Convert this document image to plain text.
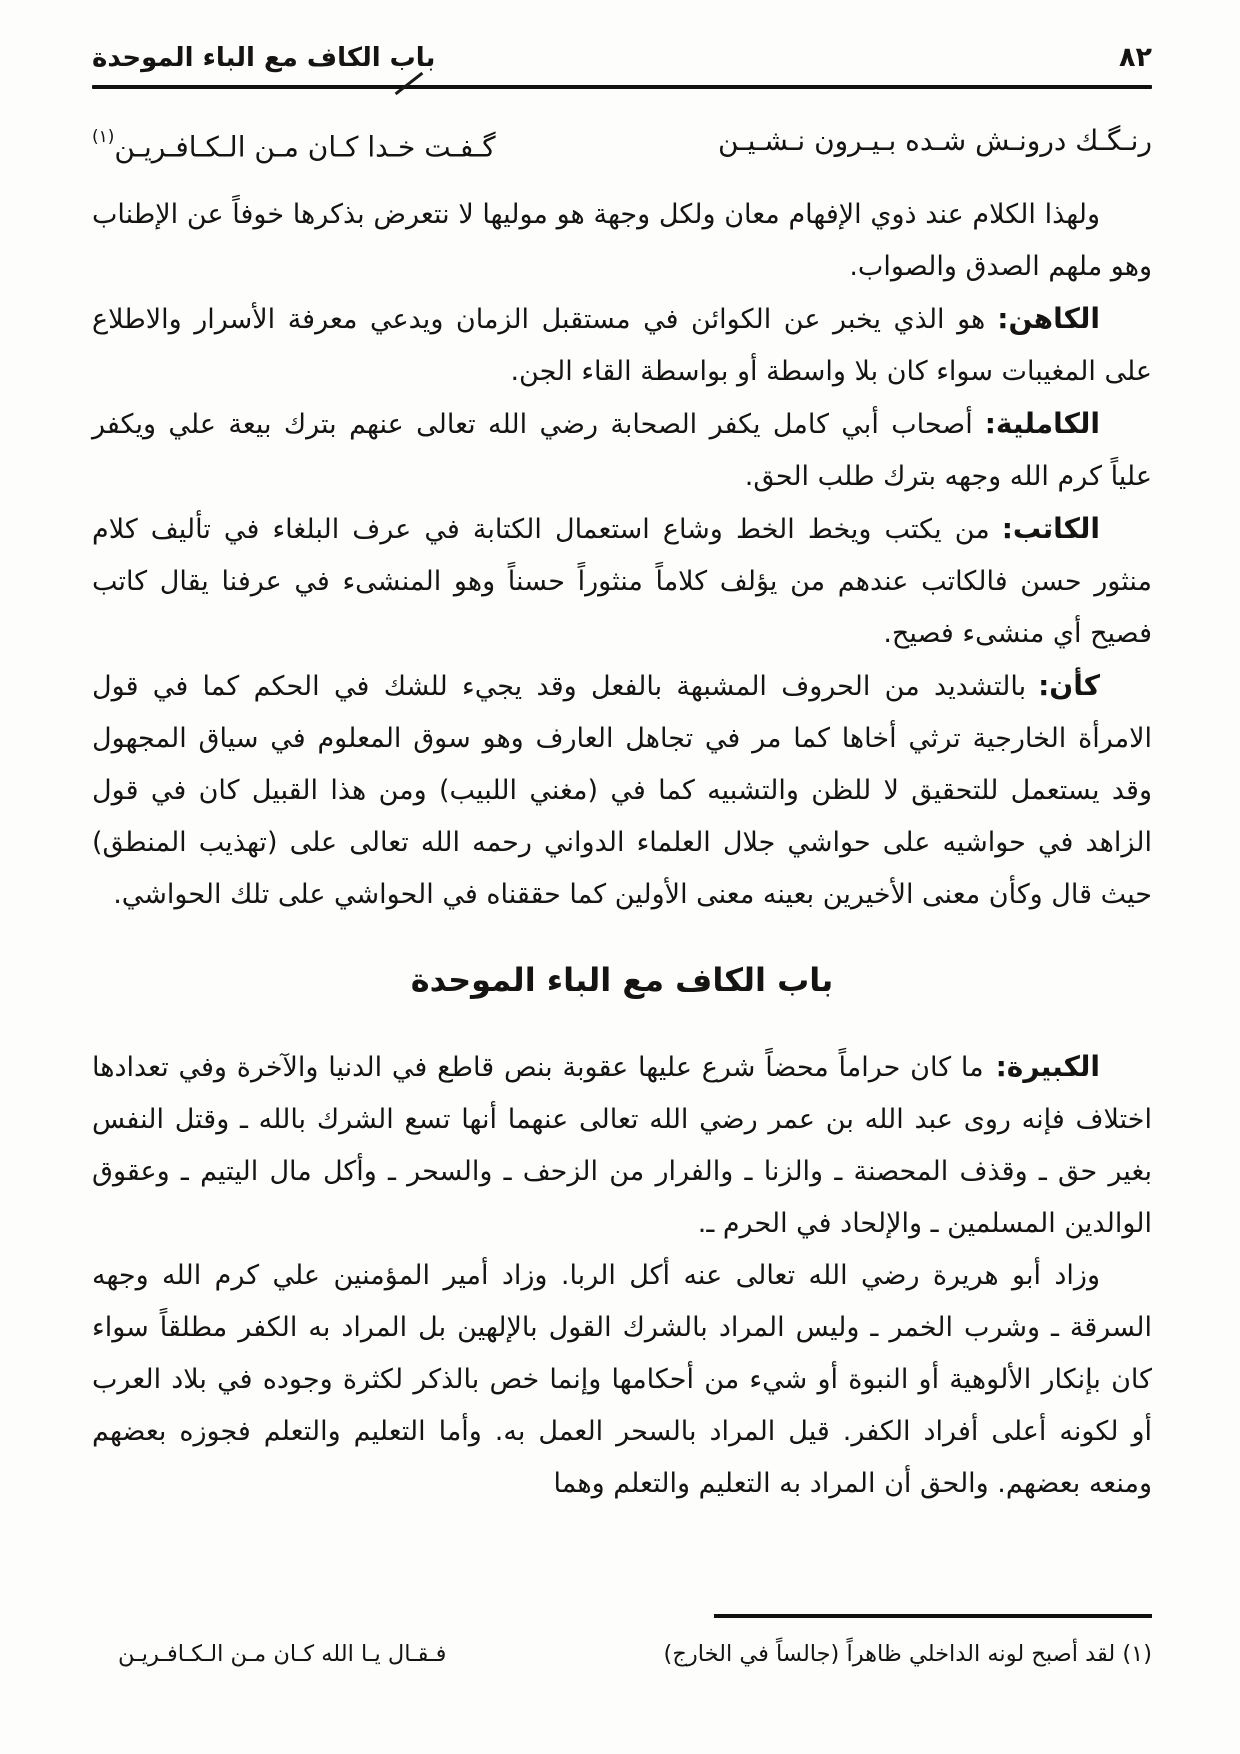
٨٢
باب الكاف مع الباء الموحدة
رنـگـك درونـش شـده بـيـرون نـشـيـن
گـفـت خـدا كـان مـن الـكـافـريـن$^{(١)}$

ولهذا الكلام عند ذوي الإفهام معان ولكل وجهة هو موليها لا نتعرض بذكرها خوفاً عن الإطناب وهو ملهم الصدق والصواب.

الكاهن:هو الذي يخبر عن الكوائن في مستقبل الزمان ويدعي معرفة الأسرار والاطلاع على المغيبات سواء كان بلا واسطة أو بواسطة القاء الجن.

الكاملية:أصحاب أبي كامل يكفر الصحابة رضي الله تعالى عنهم بترك بيعة علي ويكفر علياً كرم الله وجهه بترك طلب الحق.

الكاتب:من يكتب ويخط الخط وشاع استعمال الكتابة في عرف البلغاء في تأليف كلام منثور حسن فالكاتب عندهم من يؤلف كلاماً منثوراً حسناً وهو المنشىء في عرفنا يقال كاتب فصيح أي منشىء فصيح.

كأن:بالتشديد من الحروف المشبهة بالفعل وقد يجيء للشك في الحكم كما في قول الامرأة الخارجية ترثي أخاها كما مر في تجاهل العارف وهو سوق المعلوم في سياق المجهول وقد يستعمل للتحقيق لا للظن والتشبيه كما في (مغني اللبيب) ومن هذا القبيل كان في قول الزاهد في حواشيه على حواشي جلال العلماء الدواني رحمه الله تعالى على (تهذيب المنطق) حيث قال وكأن معنى الأخيرين بعينه معنى الأولين كما حققناه في الحواشي على تلك الحواشي.

باب الكاف مع الباء الموحدة

الكبيرة:ما كان حراماً محضاً شرع عليها عقوبة بنص قاطع في الدنيا والآخرة وفي تعدادها اختلاف فإنه روى عبد الله بن عمر رضي الله تعالى عنهما أنها تسع الشرك بالله ـ وقتل النفس بغير حق ـ وقذف المحصنة ـ والزنا ـ والفرار من الزحف ـ والسحر ـ وأكل مال اليتيم ـ وعقوق الوالدين المسلمين ـ والإلحاد في الحرم ـ.

وزاد أبو هريرة رضي الله تعالى عنه أكل الربا. وزاد أمير المؤمنين علي كرم الله وجهه السرقة ـ وشرب الخمر ـ وليس المراد بالشرك القول بالإلهين بل المراد به الكفر مطلقاً سواء كان بإنكار الألوهية أو النبوة أو شيء من أحكامها وإنما خص بالذكر لكثرة وجوده في بلاد العرب أو لكونه أعلى أفراد الكفر. قيل المراد بالسحر العمل به. وأما التعليم والتعلم فجوزه بعضهم ومنعه بعضهم. والحق أن المراد به التعليم والتعلم وهما

(١) لقد أصبح لونه الداخلي ظاهراً (جالساً في الخارج)
فـقـال يـا الله كـان مـن الـكـافـريـن
